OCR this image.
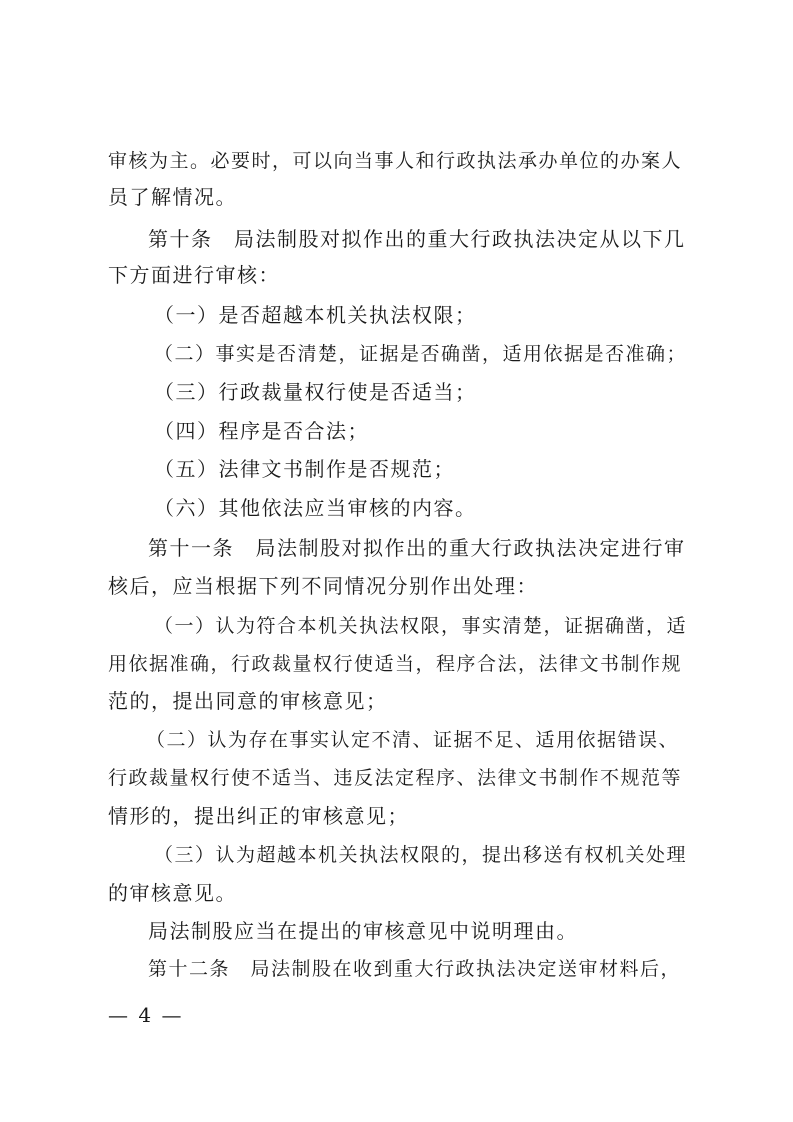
审核为主。必要时，可以向当事人和行政执法承办单位的办案人
员了解情况。
第十条　局法制股对拟作出的重大行政执法决定从以下几
下方面进行审核：
（一）是否超越本机关执法权限；
（二）事实是否清楚，证据是否确凿，适用依据是否准确；
（三）行政裁量权行使是否适当；
（四）程序是否合法；
（五）法律文书制作是否规范；
（六）其他依法应当审核的内容。
第十一条　局法制股对拟作出的重大行政执法决定进行审
核后，应当根据下列不同情况分别作出处理：
（一）认为符合本机关执法权限，事实清楚，证据确凿，适
用依据准确，行政裁量权行使适当，程序合法，法律文书制作规
范的，提出同意的审核意见；
（二）认为存在事实认定不清、证据不足、适用依据错误、
行政裁量权行使不适当、违反法定程序、法律文书制作不规范等
情形的，提出纠正的审核意见；
（三）认为超越本机关执法权限的，提出移送有权机关处理
的审核意见。
局法制股应当在提出的审核意见中说明理由。
第十二条　局法制股在收到重大行政执法决定送审材料后，
— 4 —
